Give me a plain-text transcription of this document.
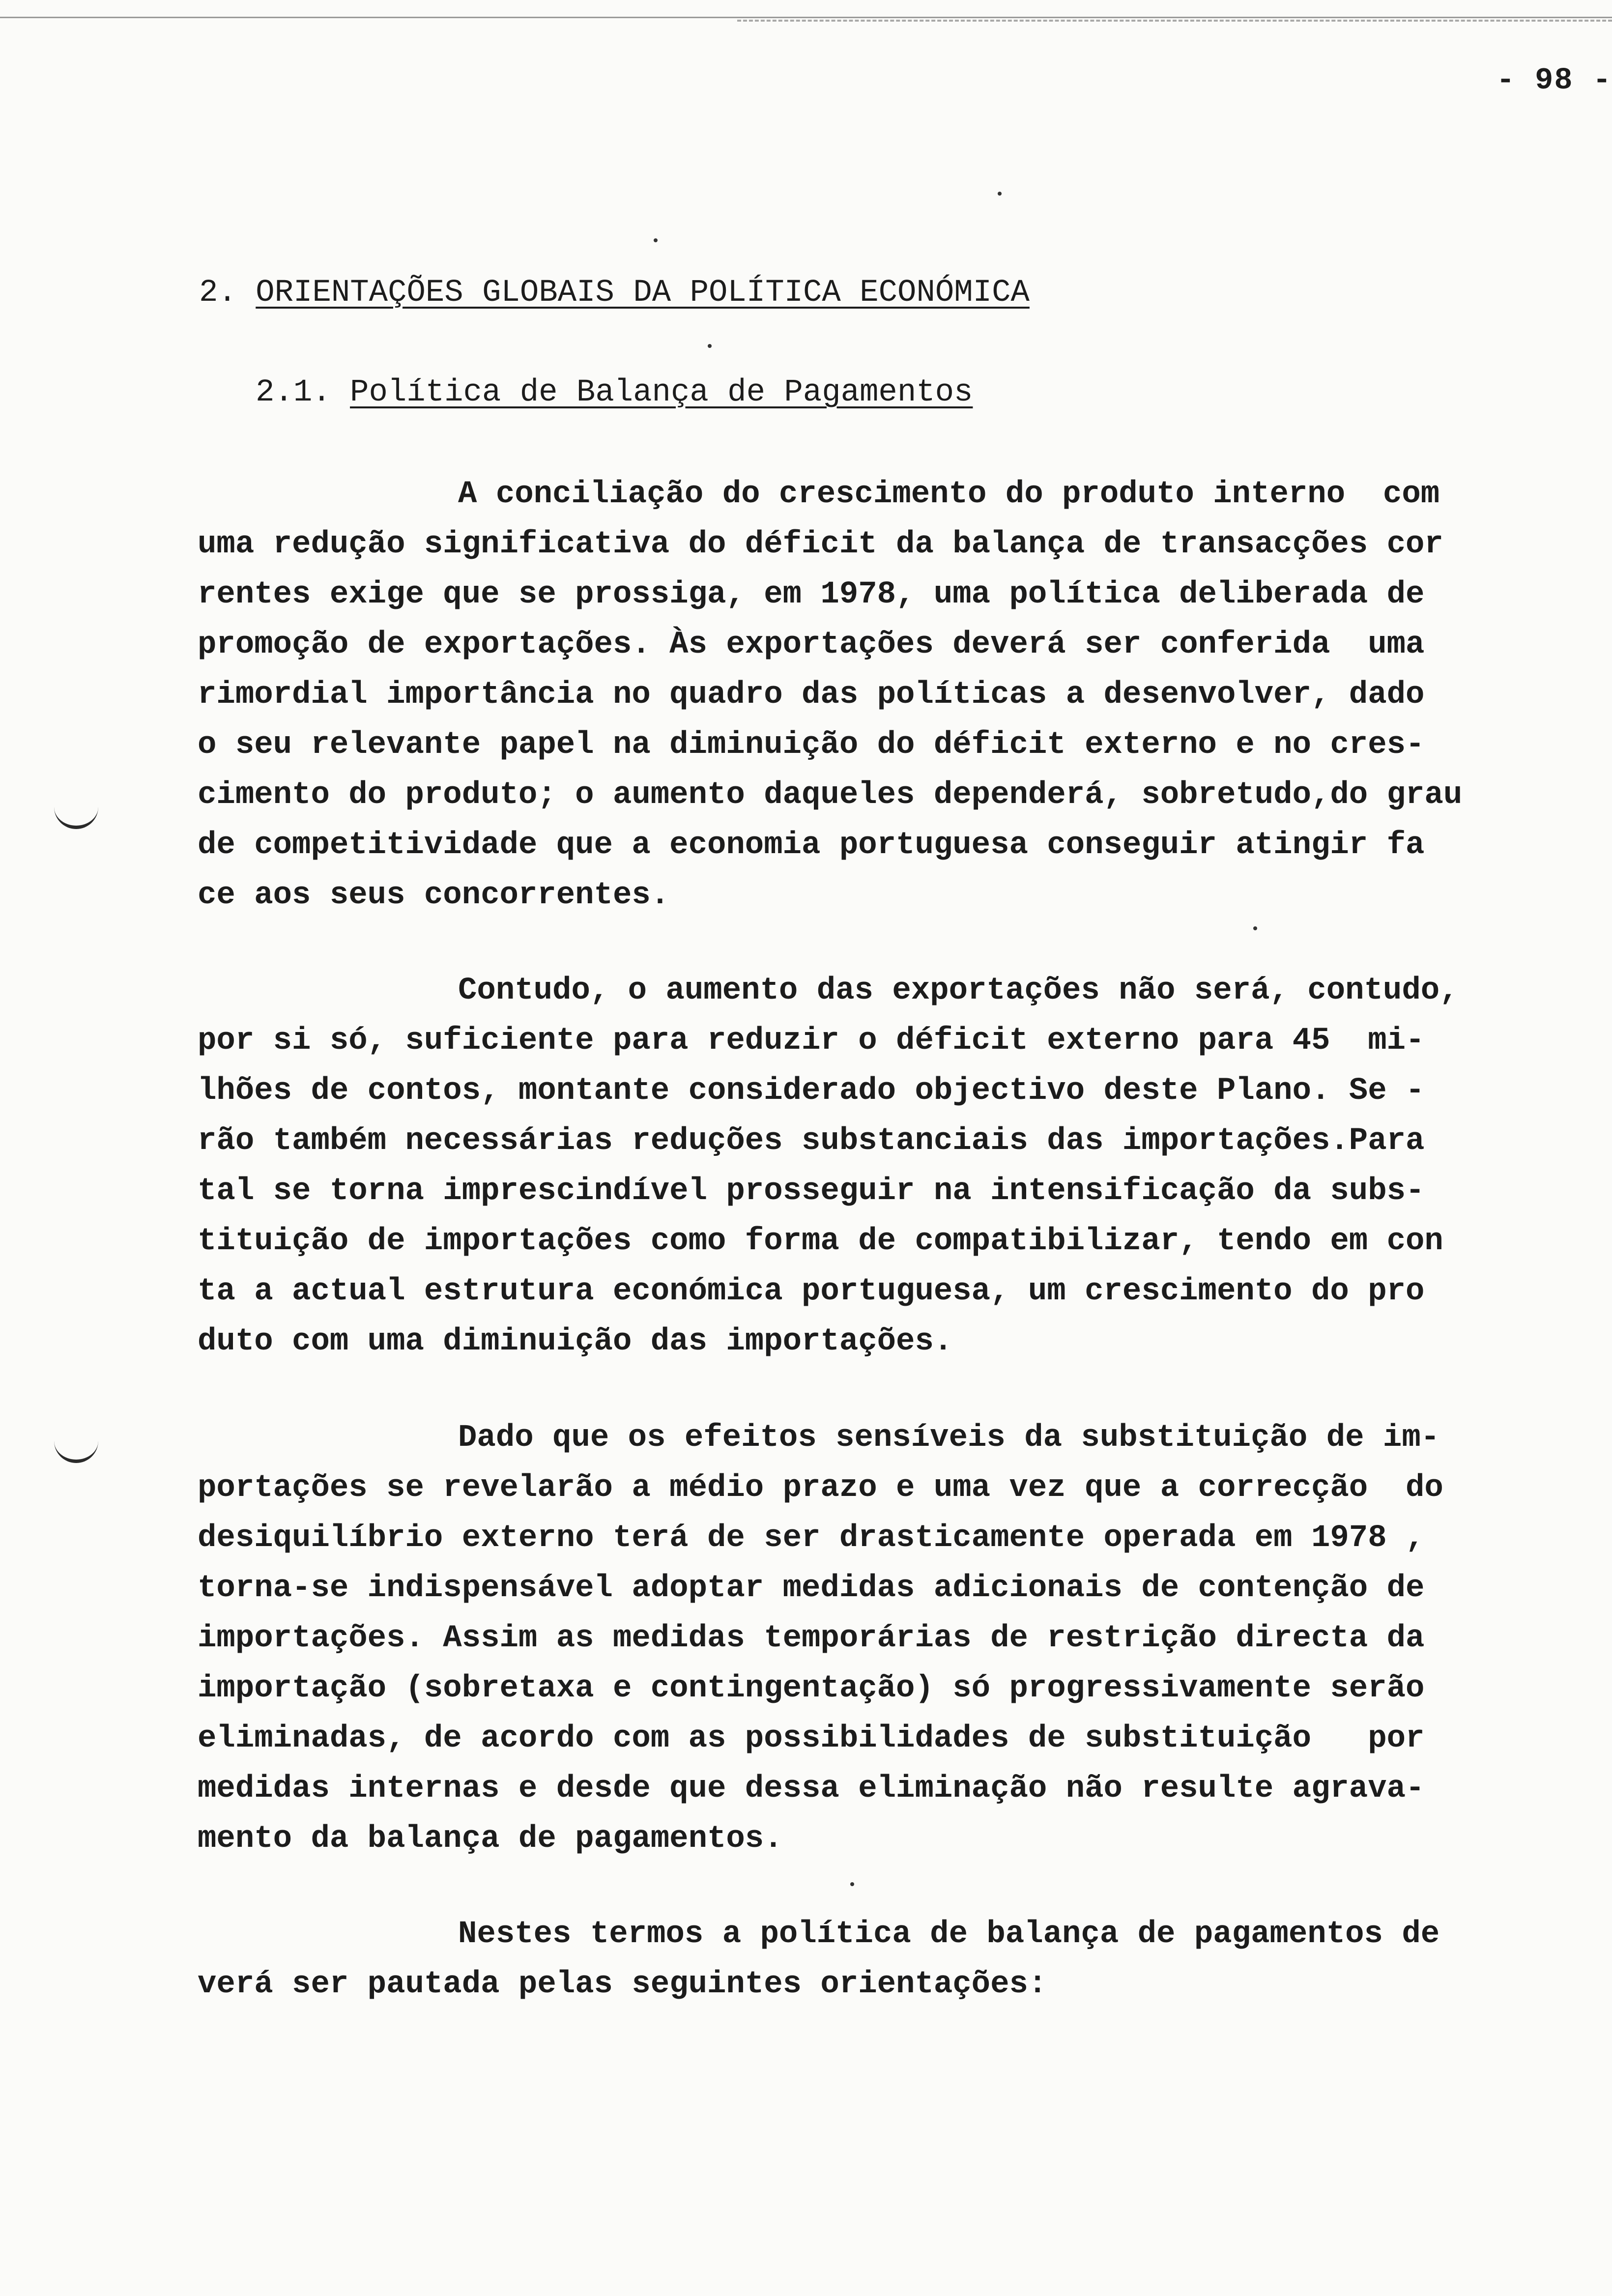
- 98 -
2. ORIENTAÇÕES GLOBAIS DA POLÍTICA ECONÓMICA
2.1. Política de Balança de Pagamentos
A conciliação do crescimento do produto interno  com
uma redução significativa do déficit da balança de transacções cor
rentes exige que se prossiga, em 1978, uma política deliberada de
promoção de exportações. Às exportações deverá ser conferida  uma
rimordial importância no quadro das políticas a desenvolver, dado
o seu relevante papel na diminuição do déficit externo e no cres-
cimento do produto; o aumento daqueles dependerá, sobretudo,do grau
de competitividade que a economia portuguesa conseguir atingir fa
ce aos seus concorrentes.
Contudo, o aumento das exportações não será, contudo,
por si só, suficiente para reduzir o déficit externo para 45  mi-
lhões de contos, montante considerado objectivo deste Plano. Se -
rão também necessárias reduções substanciais das importações.Para
tal se torna imprescindível prosseguir na intensificação da subs-
tituição de importações como forma de compatibilizar, tendo em con
ta a actual estrutura económica portuguesa, um crescimento do pro
duto com uma diminuição das importações.
Dado que os efeitos sensíveis da substituição de im-
portações se revelarão a médio prazo e uma vez que a correcção  do
desiquilíbrio externo terá de ser drasticamente operada em 1978 ,
torna-se indispensável adoptar medidas adicionais de contenção de
importações. Assim as medidas temporárias de restrição directa da
importação (sobretaxa e contingentação) só progressivamente serão
eliminadas, de acordo com as possibilidades de substituição   por
medidas internas e desde que dessa eliminação não resulte agrava-
mento da balança de pagamentos.
Nestes termos a política de balança de pagamentos de
verá ser pautada pelas seguintes orientações:
